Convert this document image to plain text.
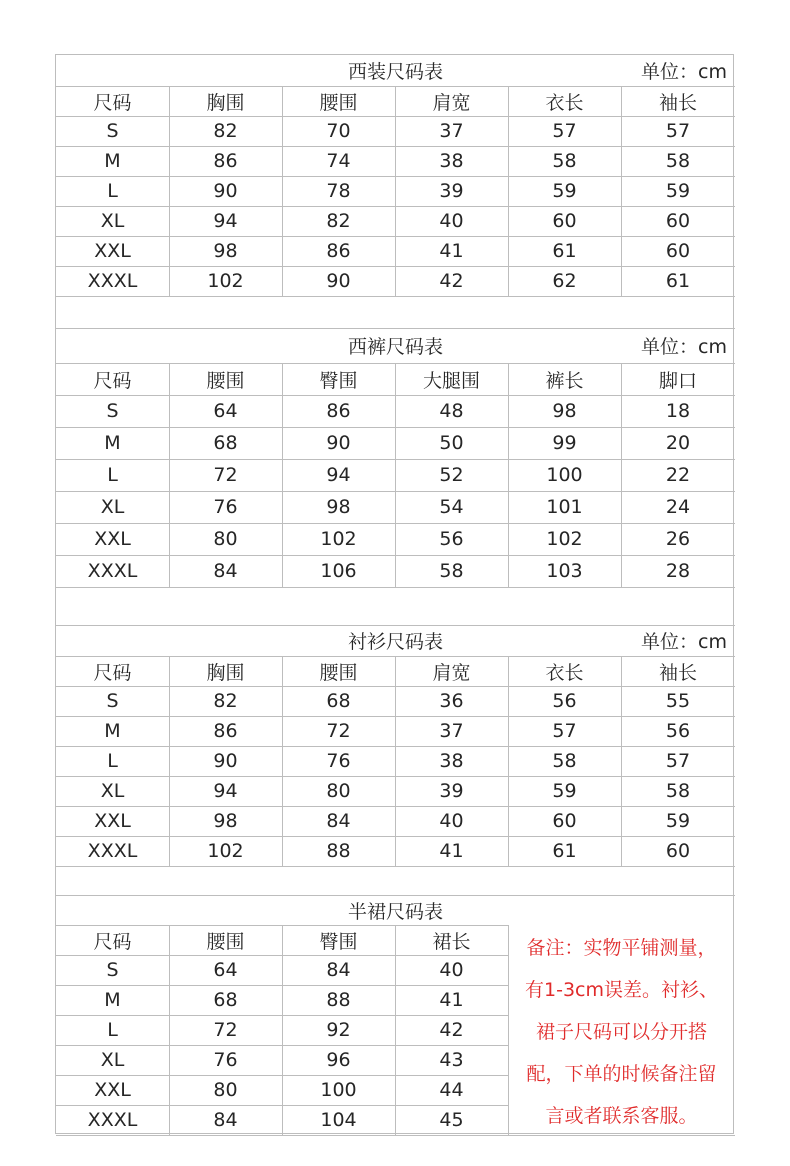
西装尺码表	单位：cm
尺码	胸围	腰围	肩宽	衣长	袖长
S	82	70	37	57	57
M	86	74	38	58	58
L	90	78	39	59	59
XL	94	82	40	60	60
XXL	98	86	41	61	60
XXXL	102	90	42	62	61
西裤尺码表	单位：cm
尺码	腰围	臀围	大腿围	裤长	脚口
S	64	86	48	98	18
M	68	90	50	99	20
L	72	94	52	100	22
XL	76	98	54	101	24
XXL	80	102	56	102	26
XXXL	84	106	58	103	28
衬衫尺码表	单位：cm
尺码	胸围	腰围	肩宽	衣长	袖长
S	82	68	36	56	55
M	86	72	37	57	56
L	90	76	38	58	57
XL	94	80	39	59	58
XXL	98	84	40	60	59
XXXL	102	88	41	61	60
半裙尺码表
尺码	腰围	臀围	裙长
S	64	84	40
M	68	88	41
L	72	92	42
XL	76	96	43
XXL	80	100	44
XXXL	84	104	45
备注：实物平铺测量，
有1-3cm误差。衬衫、
裙子尺码可以分开搭
配，下单的时候备注留
言或者联系客服。
